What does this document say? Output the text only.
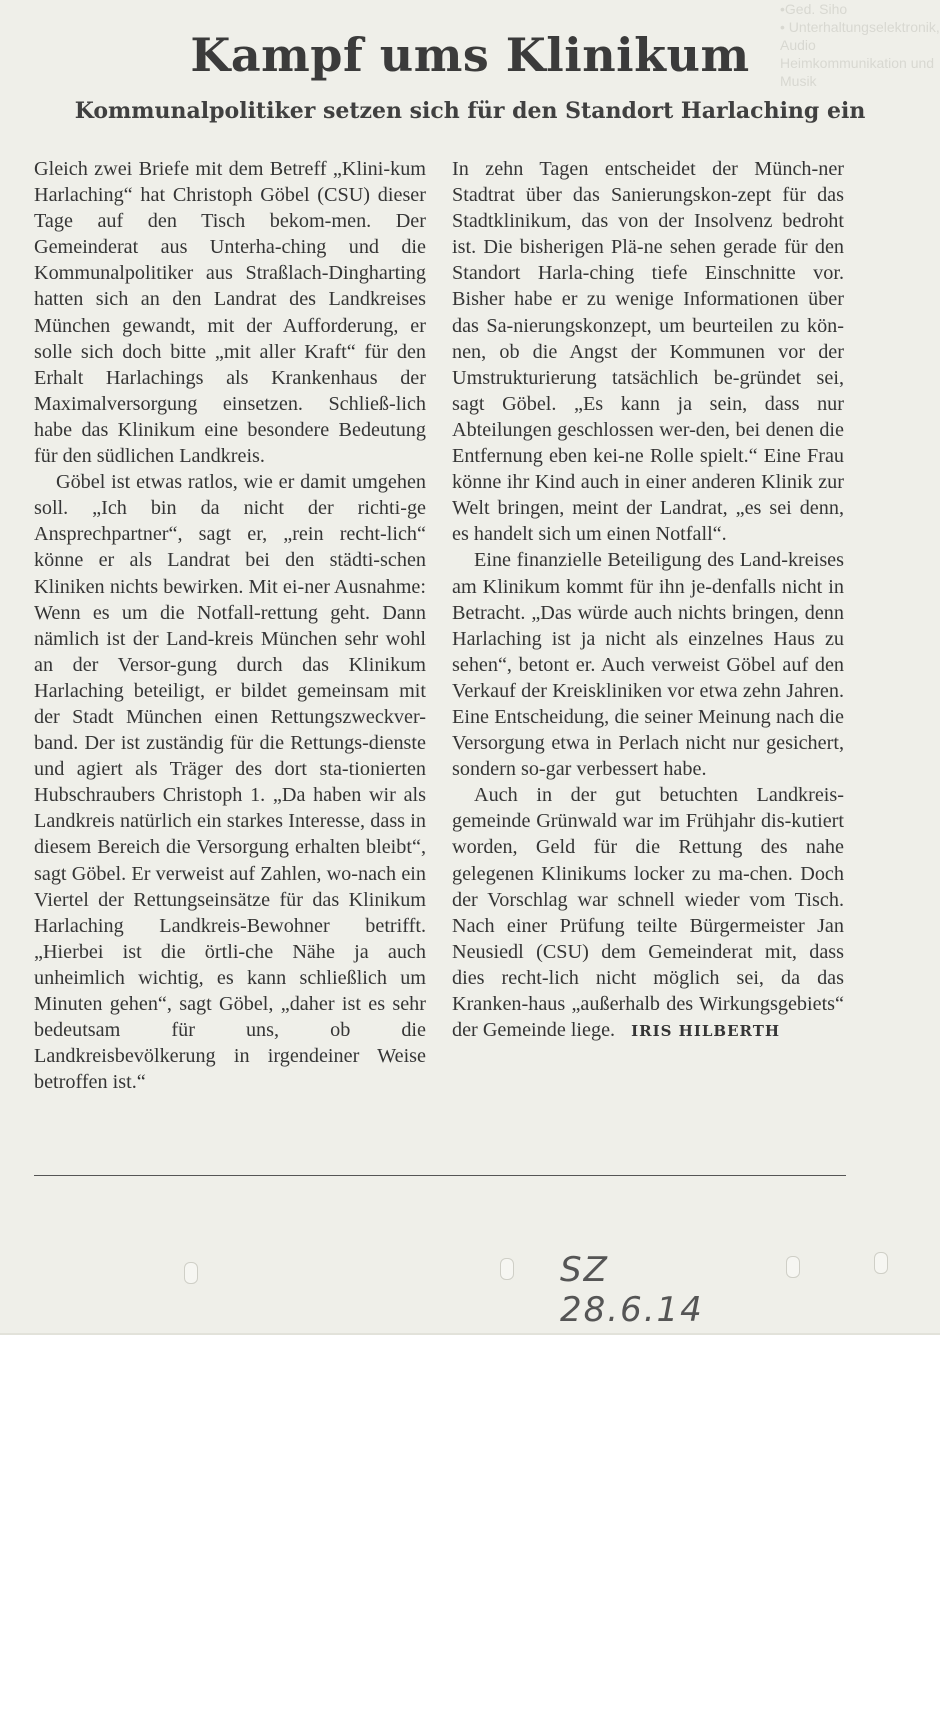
•Ged. Siho
• Unterhaltungselektronik, Audio
Heimkommunikation und Musik
Kampf ums Klinikum
Kommunalpolitiker setzen sich für den Standort Harlaching ein

Gleich zwei Briefe mit dem Betreff „Klini-kum Harlaching“ hat Christoph Göbel (CSU) dieser Tage auf den Tisch bekom-men. Der Gemeinderat aus Unterha-ching und die Kommunalpolitiker aus Straßlach-Dingharting hatten sich an den Landrat des Landkreises München gewandt, mit der Aufforderung, er solle sich doch bitte „mit aller Kraft“ für den Erhalt Harlachings als Krankenhaus der Maximalversorgung einsetzen. Schließ-lich habe das Klinikum eine besondere Bedeutung für den südlichen Landkreis.

Göbel ist etwas ratlos, wie er damit umgehen soll. „Ich bin da nicht der richti-ge Ansprechpartner“, sagt er, „rein recht-lich“ könne er als Landrat bei den städti-schen Kliniken nichts bewirken. Mit ei-ner Ausnahme: Wenn es um die Notfall-rettung geht. Dann nämlich ist der Land-kreis München sehr wohl an der Versor-gung durch das Klinikum Harlaching beteiligt, er bildet gemeinsam mit der Stadt München einen Rettungszweckver-band. Der ist zuständig für die Rettungs-dienste und agiert als Träger des dort sta-tionierten Hubschraubers Christoph 1. „Da haben wir als Landkreis natürlich ein starkes Interesse, dass in diesem Bereich die Versorgung erhalten bleibt“, sagt Göbel. Er verweist auf Zahlen, wo-nach ein Viertel der Rettungseinsätze für das Klinikum Harlaching Landkreis-Bewohner betrifft. „Hierbei ist die örtli-che Nähe ja auch unheimlich wichtig, es kann schließlich um Minuten gehen“, sagt Göbel, „daher ist es sehr bedeutsam für uns, ob die Landkreisbevölkerung in irgendeiner Weise betroffen ist.“

In zehn Tagen entscheidet der Münch-ner Stadtrat über das Sanierungskon-zept für das Stadtklinikum, das von der Insolvenz bedroht ist. Die bisherigen Plä-ne sehen gerade für den Standort Harla-ching tiefe Einschnitte vor. Bisher habe er zu wenige Informationen über das Sa-nierungskonzept, um beurteilen zu kön-nen, ob die Angst der Kommunen vor der Umstrukturierung tatsächlich be-gründet sei, sagt Göbel. „Es kann ja sein, dass nur Abteilungen geschlossen wer-den, bei denen die Entfernung eben kei-ne Rolle spielt.“ Eine Frau könne ihr Kind auch in einer anderen Klinik zur Welt bringen, meint der Landrat, „es sei denn, es handelt sich um einen Notfall“.

Eine finanzielle Beteiligung des Land-kreises am Klinikum kommt für ihn je-denfalls nicht in Betracht. „Das würde auch nichts bringen, denn Harlaching ist ja nicht als einzelnes Haus zu sehen“, betont er. Auch verweist Göbel auf den Verkauf der Kreiskliniken vor etwa zehn Jahren. Eine Entscheidung, die seiner Meinung nach die Versorgung etwa in Perlach nicht nur gesichert, sondern so-gar verbessert habe.

Auch in der gut betuchten Landkreis-gemeinde Grünwald war im Frühjahr dis-kutiert worden, Geld für die Rettung des nahe gelegenen Klinikums locker zu ma-chen. Doch der Vorschlag war schnell wieder vom Tisch. Nach einer Prüfung teilte Bürgermeister Jan Neusiedl (CSU) dem Gemeinderat mit, dass dies recht-lich nicht möglich sei, da das Kranken-haus „außerhalb des Wirkungsgebiets“ der Gemeinde liege. IRIS HILBERTH

SZ 28.6.14
